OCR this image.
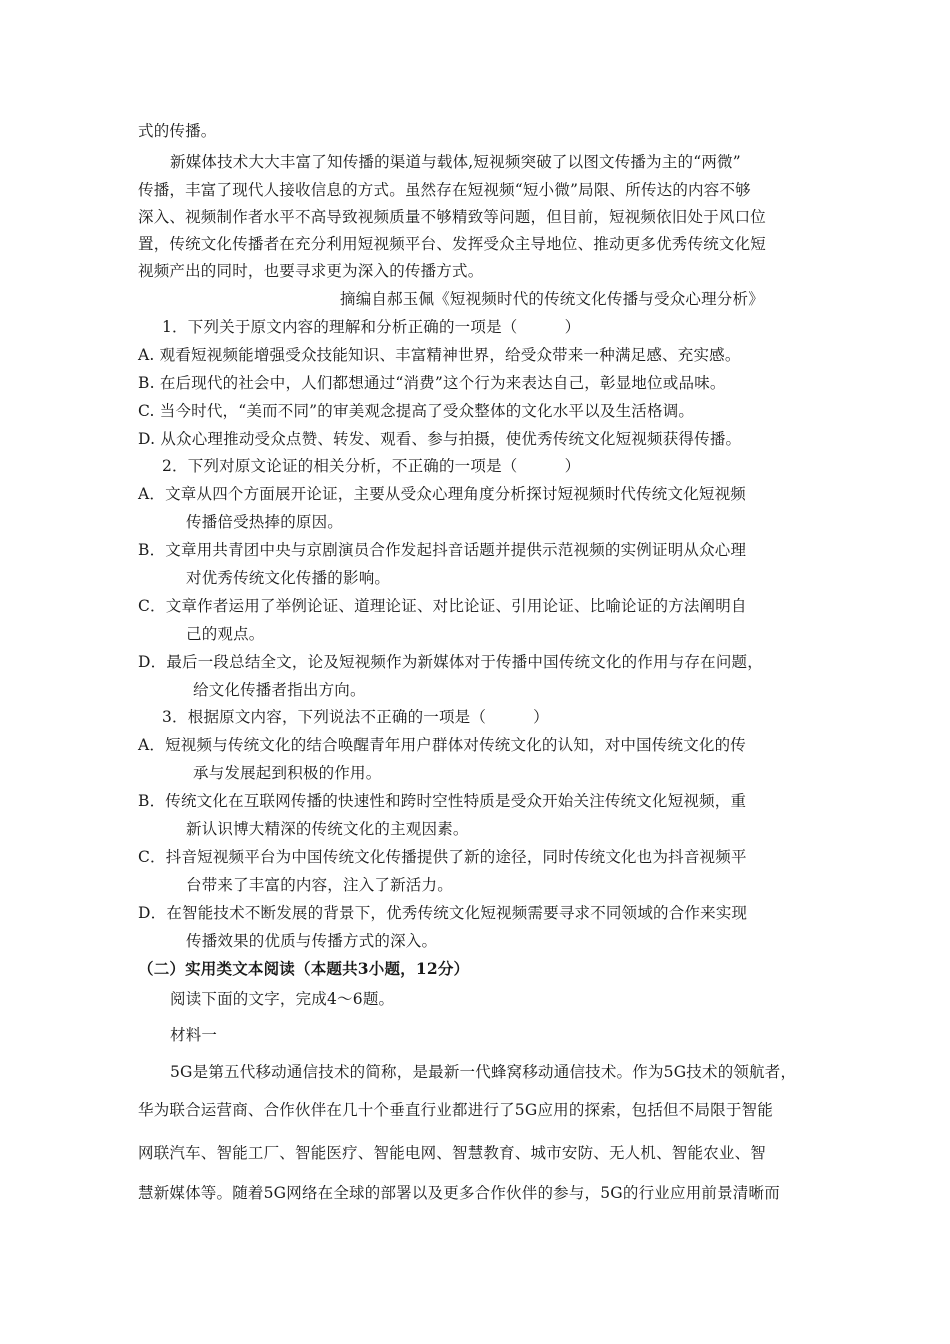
式的传播。
新媒体技术大大丰富了知传播的渠道与载体,短视频突破了以图文传播为主的“两微”
传播，丰富了现代人接收信息的方式。虽然存在短视频“短小微”局限、所传达的内容不够
深入、视频制作者水平不高导致视频质量不够精致等问题，但目前，短视频依旧处于风口位
置，传统文化传播者在充分利用短视频平台、发挥受众主导地位、推动更多优秀传统文化短
视频产出的同时，也要寻求更为深入的传播方式。
摘编自郝玉佩《短视频时代的传统文化传播与受众心理分析》
1．下列关于原文内容的理解和分析正确的一项是（　　　）
A. 观看短视频能增强受众技能知识、丰富精神世界，给受众带来一种满足感、充实感。
B. 在后现代的社会中，人们都想通过“消费”这个行为来表达自己，彰显地位或品味。
C. 当今时代，“美而不同”的审美观念提高了受众整体的文化水平以及生活格调。
D. 从众心理推动受众点赞、转发、观看、参与拍摄，使优秀传统文化短视频获得传播。
2．下列对原文论证的相关分析，不正确的一项是（　　　）
A．文章从四个方面展开论证，主要从受众心理角度分析探讨短视频时代传统文化短视频
传播倍受热捧的原因。
B．文章用共青团中央与京剧演员合作发起抖音话题并提供示范视频的实例证明从众心理
对优秀传统文化传播的影响。
C．文章作者运用了举例论证、道理论证、对比论证、引用论证、比喻论证的方法阐明自
己的观点。
D．最后一段总结全文，论及短视频作为新媒体对于传播中国传统文化的作用与存在问题，
给文化传播者指出方向。
3．根据原文内容，下列说法不正确的一项是（　　　）
A．短视频与传统文化的结合唤醒青年用户群体对传统文化的认知，对中国传统文化的传
承与发展起到积极的作用。
B．传统文化在互联网传播的快速性和跨时空性特质是受众开始关注传统文化短视频，重
新认识博大精深的传统文化的主观因素。
C．抖音短视频平台为中国传统文化传播提供了新的途径，同时传统文化也为抖音视频平
台带来了丰富的内容，注入了新活力。
D．在智能技术不断发展的背景下，优秀传统文化短视频需要寻求不同领域的合作来实现
传播效果的优质与传播方式的深入。
（二）实用类文本阅读（本题共3小题，12分）
阅读下面的文字，完成4～6题。
材料一
5G是第五代移动通信技术的简称，是最新一代蜂窝移动通信技术。作为5G技术的领航者，
华为联合运营商、合作伙伴在几十个垂直行业都进行了5G应用的探索，包括但不局限于智能
网联汽车、智能工厂、智能医疗、智能电网、智慧教育、城市安防、无人机、智能农业、智
慧新媒体等。随着5G网络在全球的部署以及更多合作伙伴的参与，5G的行业应用前景清晰而
